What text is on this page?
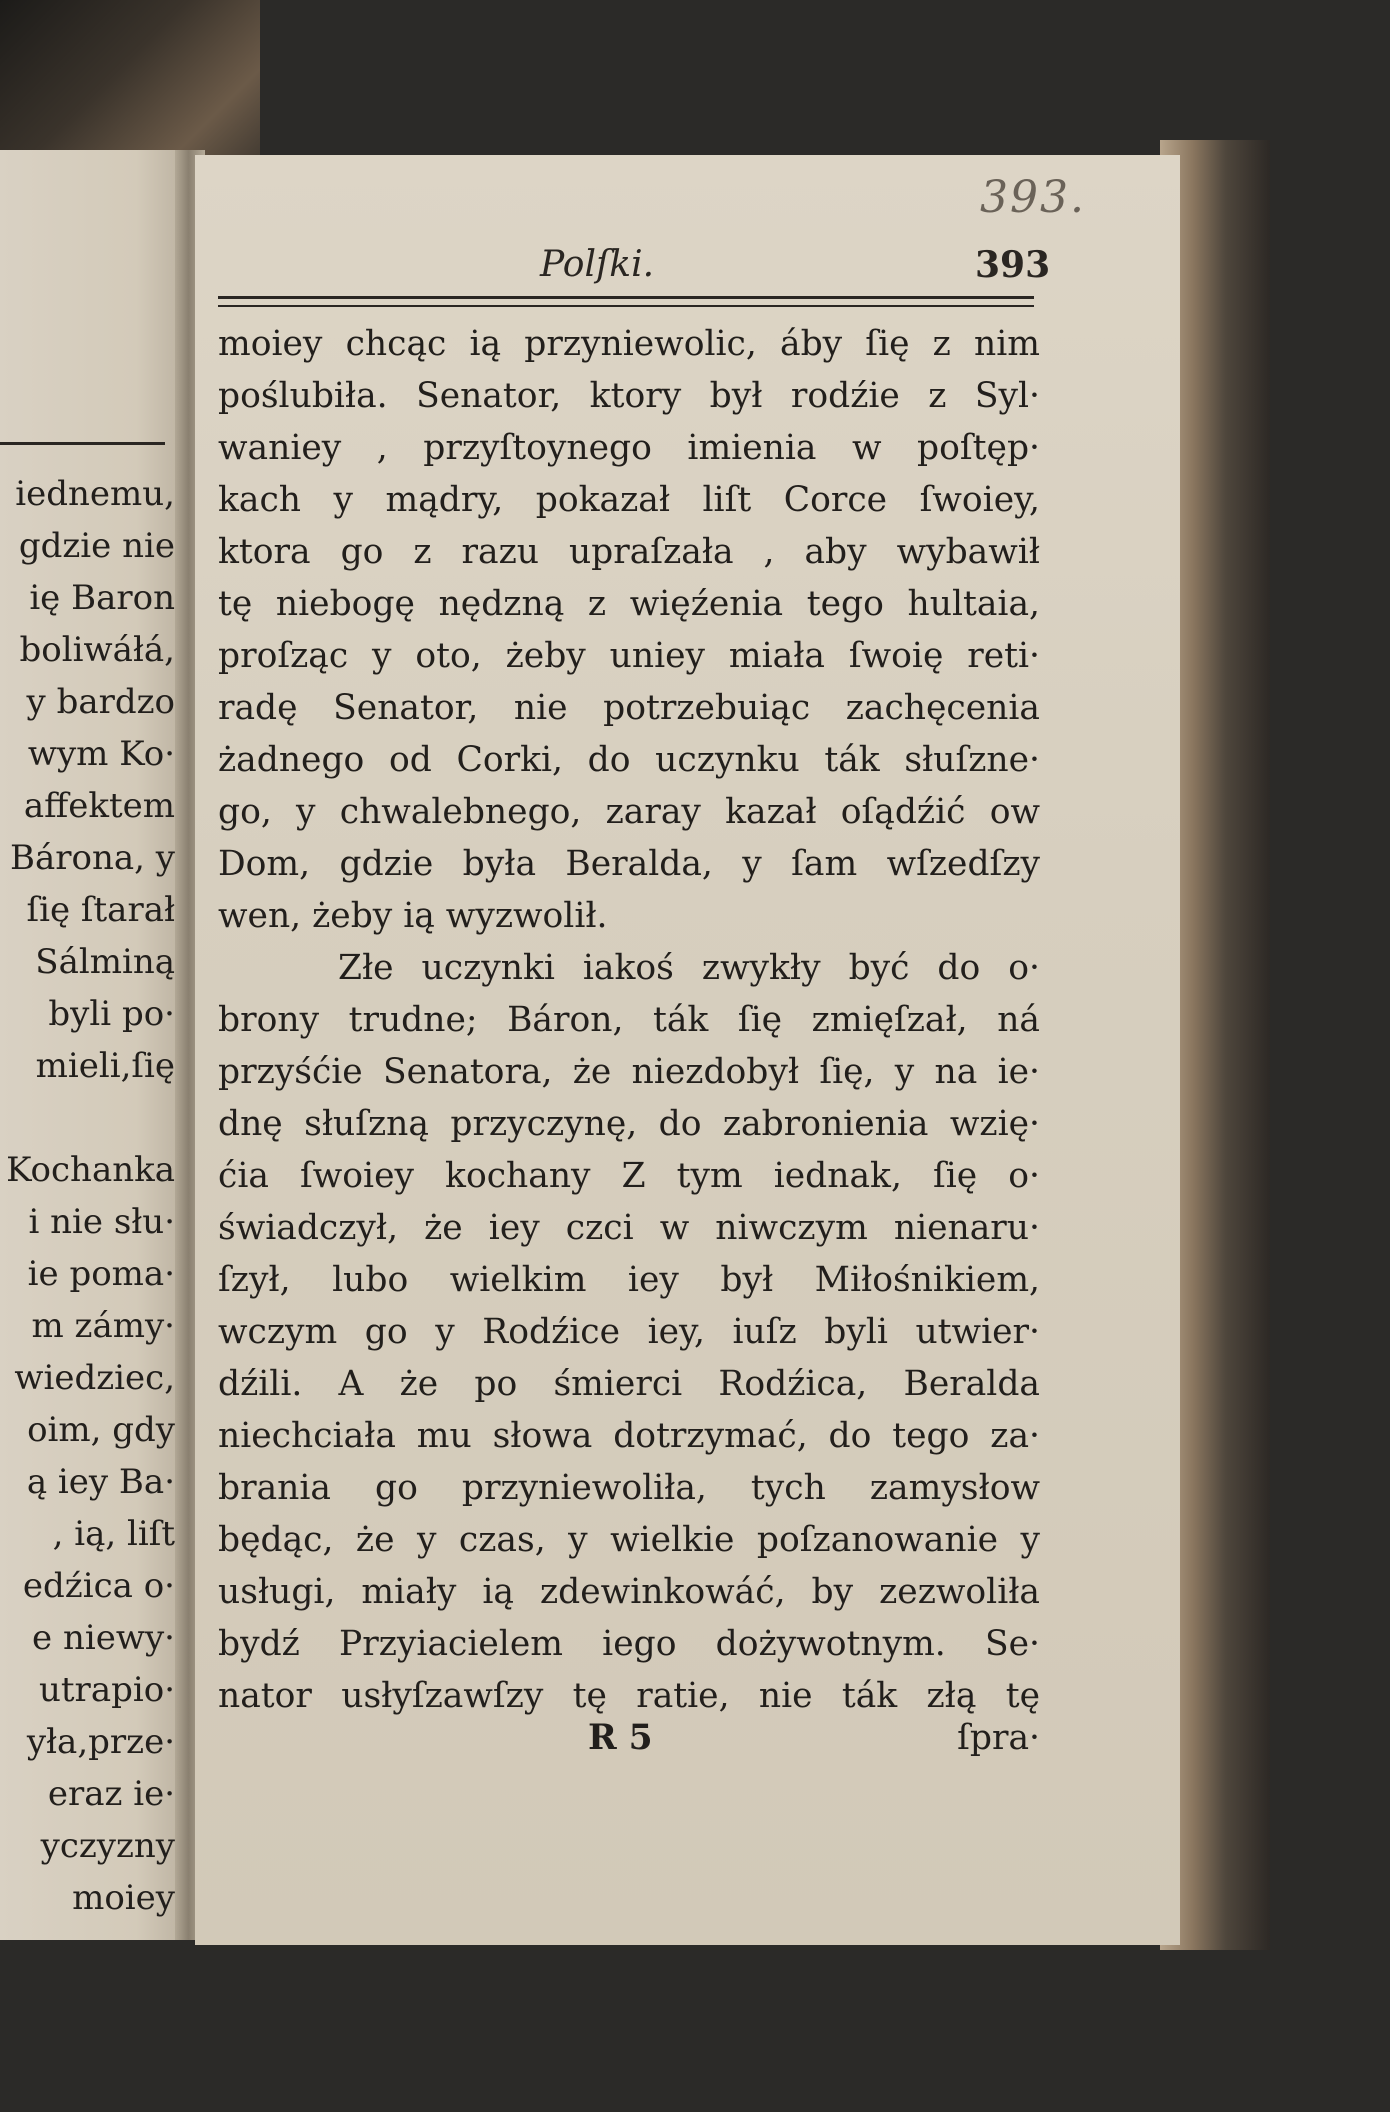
iednemu,
gdzie nie
ię Baron
boliwáłá,
y bardzo
wym Ko·
affektem
Bárona, y
ſię ſtarał
Sálminą
byli po·
mieli,ſię
Kochanka
i nie słu·
ie poma·
m zámy·
wiedziec,
oim, gdy
ą iey Ba·
, ią, liſt
edźica o·
e niewy·
utrapio·
yła,prze·
eraz ie·
yczyzny
moiey
393.
Polſki.	393
moiey chcąc ią przyniewolic, áby ſię z nim
poślubiła. Senator, ktory był rodźie z Syl·
waniey , przyſtoynego imienia w poſtęp·
kach y mądry, pokazał liſt Corce ſwoiey,
ktora go z razu upraſzała , aby wybawił
tę niebogę nędzną z więźenia tego hultaia,
proſząc y oto, żeby uniey miała ſwoię reti·
radę Senator, nie potrzebuiąc zachęcenia
żadnego od Corki, do uczynku ták słuſzne·
go, y chwalebnego, zaray kazał oſądźić ow
Dom, gdzie była Beralda, y ſam wſzedſzy
wen, żeby ią wyzwolił.
Złe uczynki iakoś zwykły być do o·
brony trudne; Báron, ták ſię zmięſzał, ná
przyśćie Senatora, że niezdobył ſię, y na ie·
dnę słuſzną przyczynę, do zabronienia wzię·
ćia ſwoiey kochany Z tym iednak, ſię o·
świadczył, że iey czci w niwczym nienaru·
ſzył, lubo wielkim iey był Miłośnikiem,
wczym go y Rodźice iey, iuſz byli utwier·
dźili. A że po śmierci Rodźica, Beralda
niechciała mu słowa dotrzymać, do tego za·
brania go przyniewoliła, tych zamysłow
będąc, że y czas, y wielkie poſzanowanie y
usługi, miały ią zdewinkowáć, by zezwoliła
bydź Przyiacielem iego dożywotnym. Se·
nator usłyſzawſzy tę ratie, nie ták złą tę
R 5	ſpra·
